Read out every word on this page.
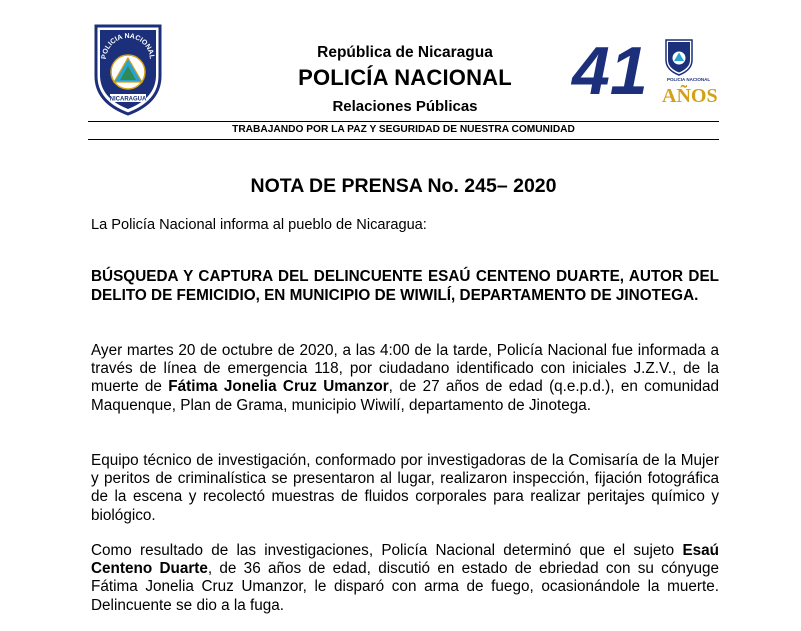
POLICIA NACIONAL
NICARAGUA
República de Nicaragua
POLICÍA NACIONAL
Relaciones Públicas	41	POLICIA NACIONAL
AÑOS
TRABAJANDO POR LA PAZ Y SEGURIDAD DE NUESTRA COMUNIDAD
NOTA DE PRENSA No. 245– 2020
La Policía Nacional informa al pueblo de Nicaragua:
BÚSQUEDA Y CAPTURA DEL DELINCUENTE ESAÚ CENTENO DUARTE, AUTOR DEL DELITO DE FEMICIDIO, EN MUNICIPIO DE WIWILÍ, DEPARTAMENTO DE JINOTEGA.
Ayer martes 20 de octubre de 2020, a las 4:00 de la tarde, Policía Nacional fue informada a través de línea de emergencia 118, por ciudadano identificado con iniciales J.Z.V., de la muerte de Fátima Jonelia Cruz Umanzor, de 27 años de edad (q.e.p.d.), en comunidad Maquenque, Plan de Grama, municipio Wiwilí, departamento de Jinotega.
Equipo técnico de investigación, conformado por investigadoras de la Comisaría de la Mujer y peritos de criminalística se presentaron al lugar, realizaron inspección, fijación fotográfica de la escena y recolectó muestras de fluidos corporales para realizar peritajes químico y biológico.
Como resultado de las investigaciones, Policía Nacional determinó que el sujeto Esaú Centeno Duarte, de 36 años de edad, discutió en estado de ebriedad con su cónyuge Fátima Jonelia Cruz Umanzor, le disparó con arma de fuego, ocasionándole la muerte. Delincuente se dio a la fuga.
